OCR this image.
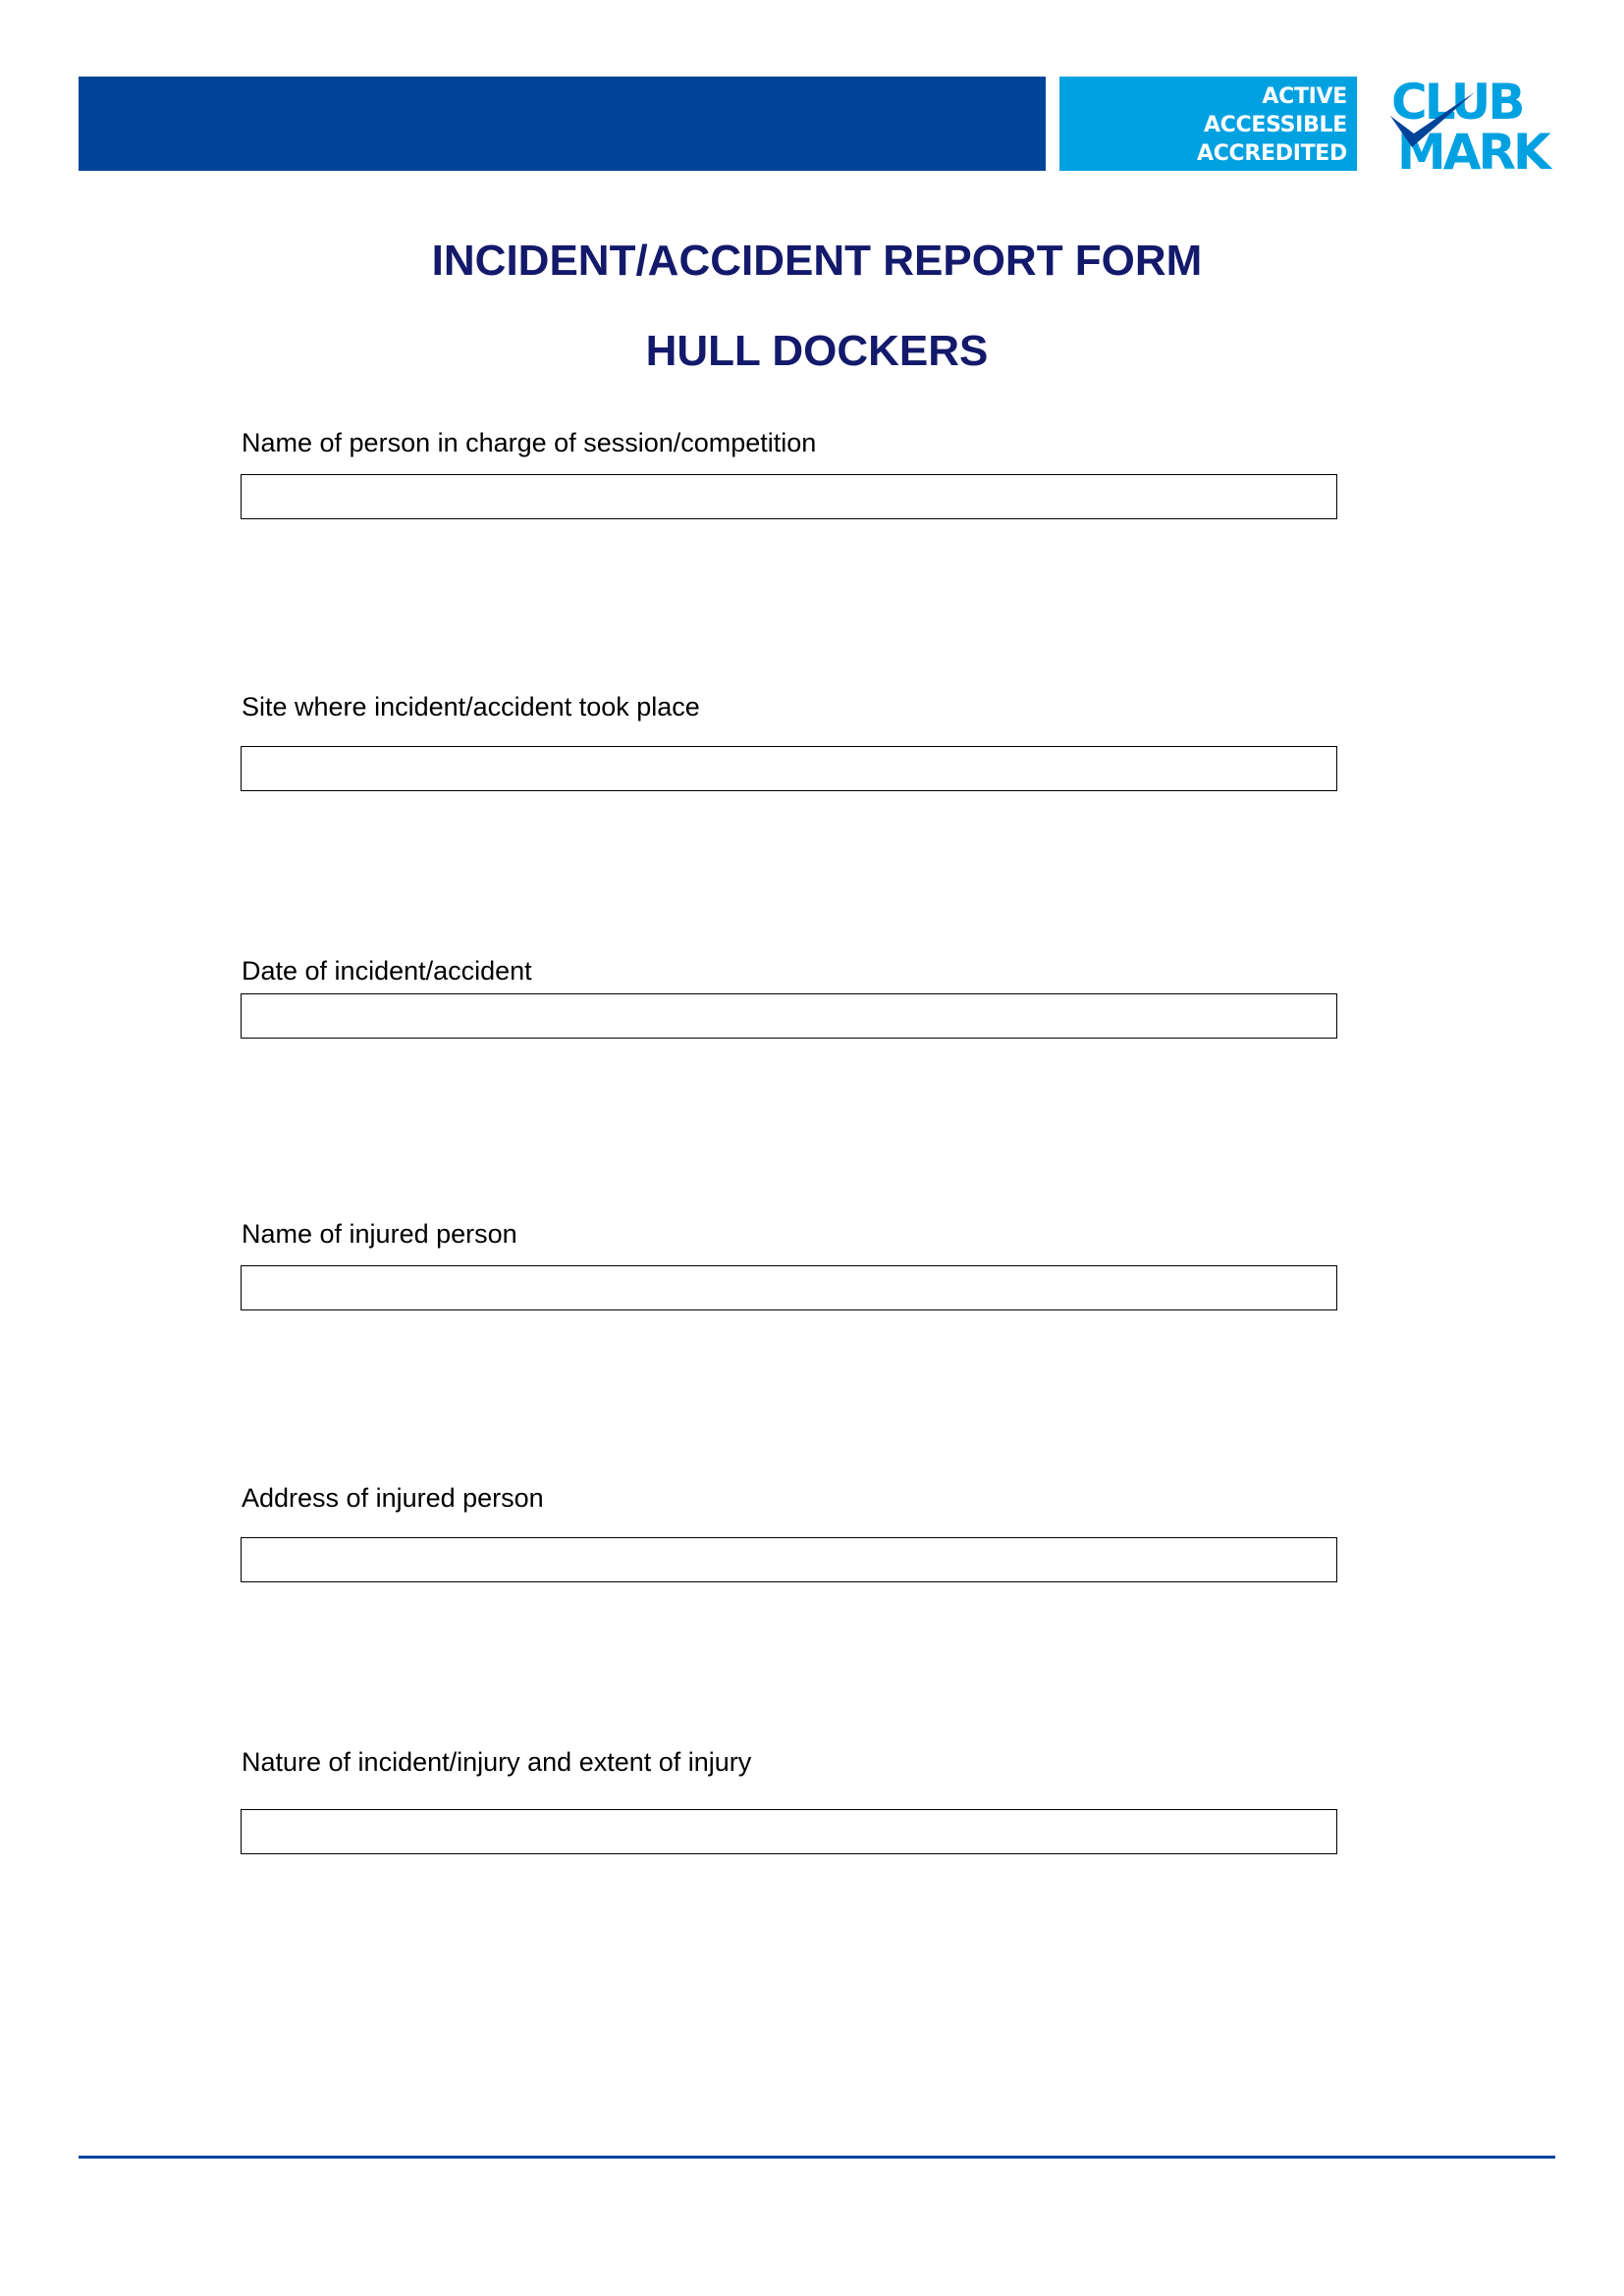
ACTIVE
ACCESSIBLE
ACCREDITED
CLUB
MARK
INCIDENT/ACCIDENT REPORT FORM
HULL DOCKERS
Name of person in charge of session/competition
Site where incident/accident took place
Date of incident/accident
Name of injured person
Address of injured person
Nature of incident/injury and extent of injury
